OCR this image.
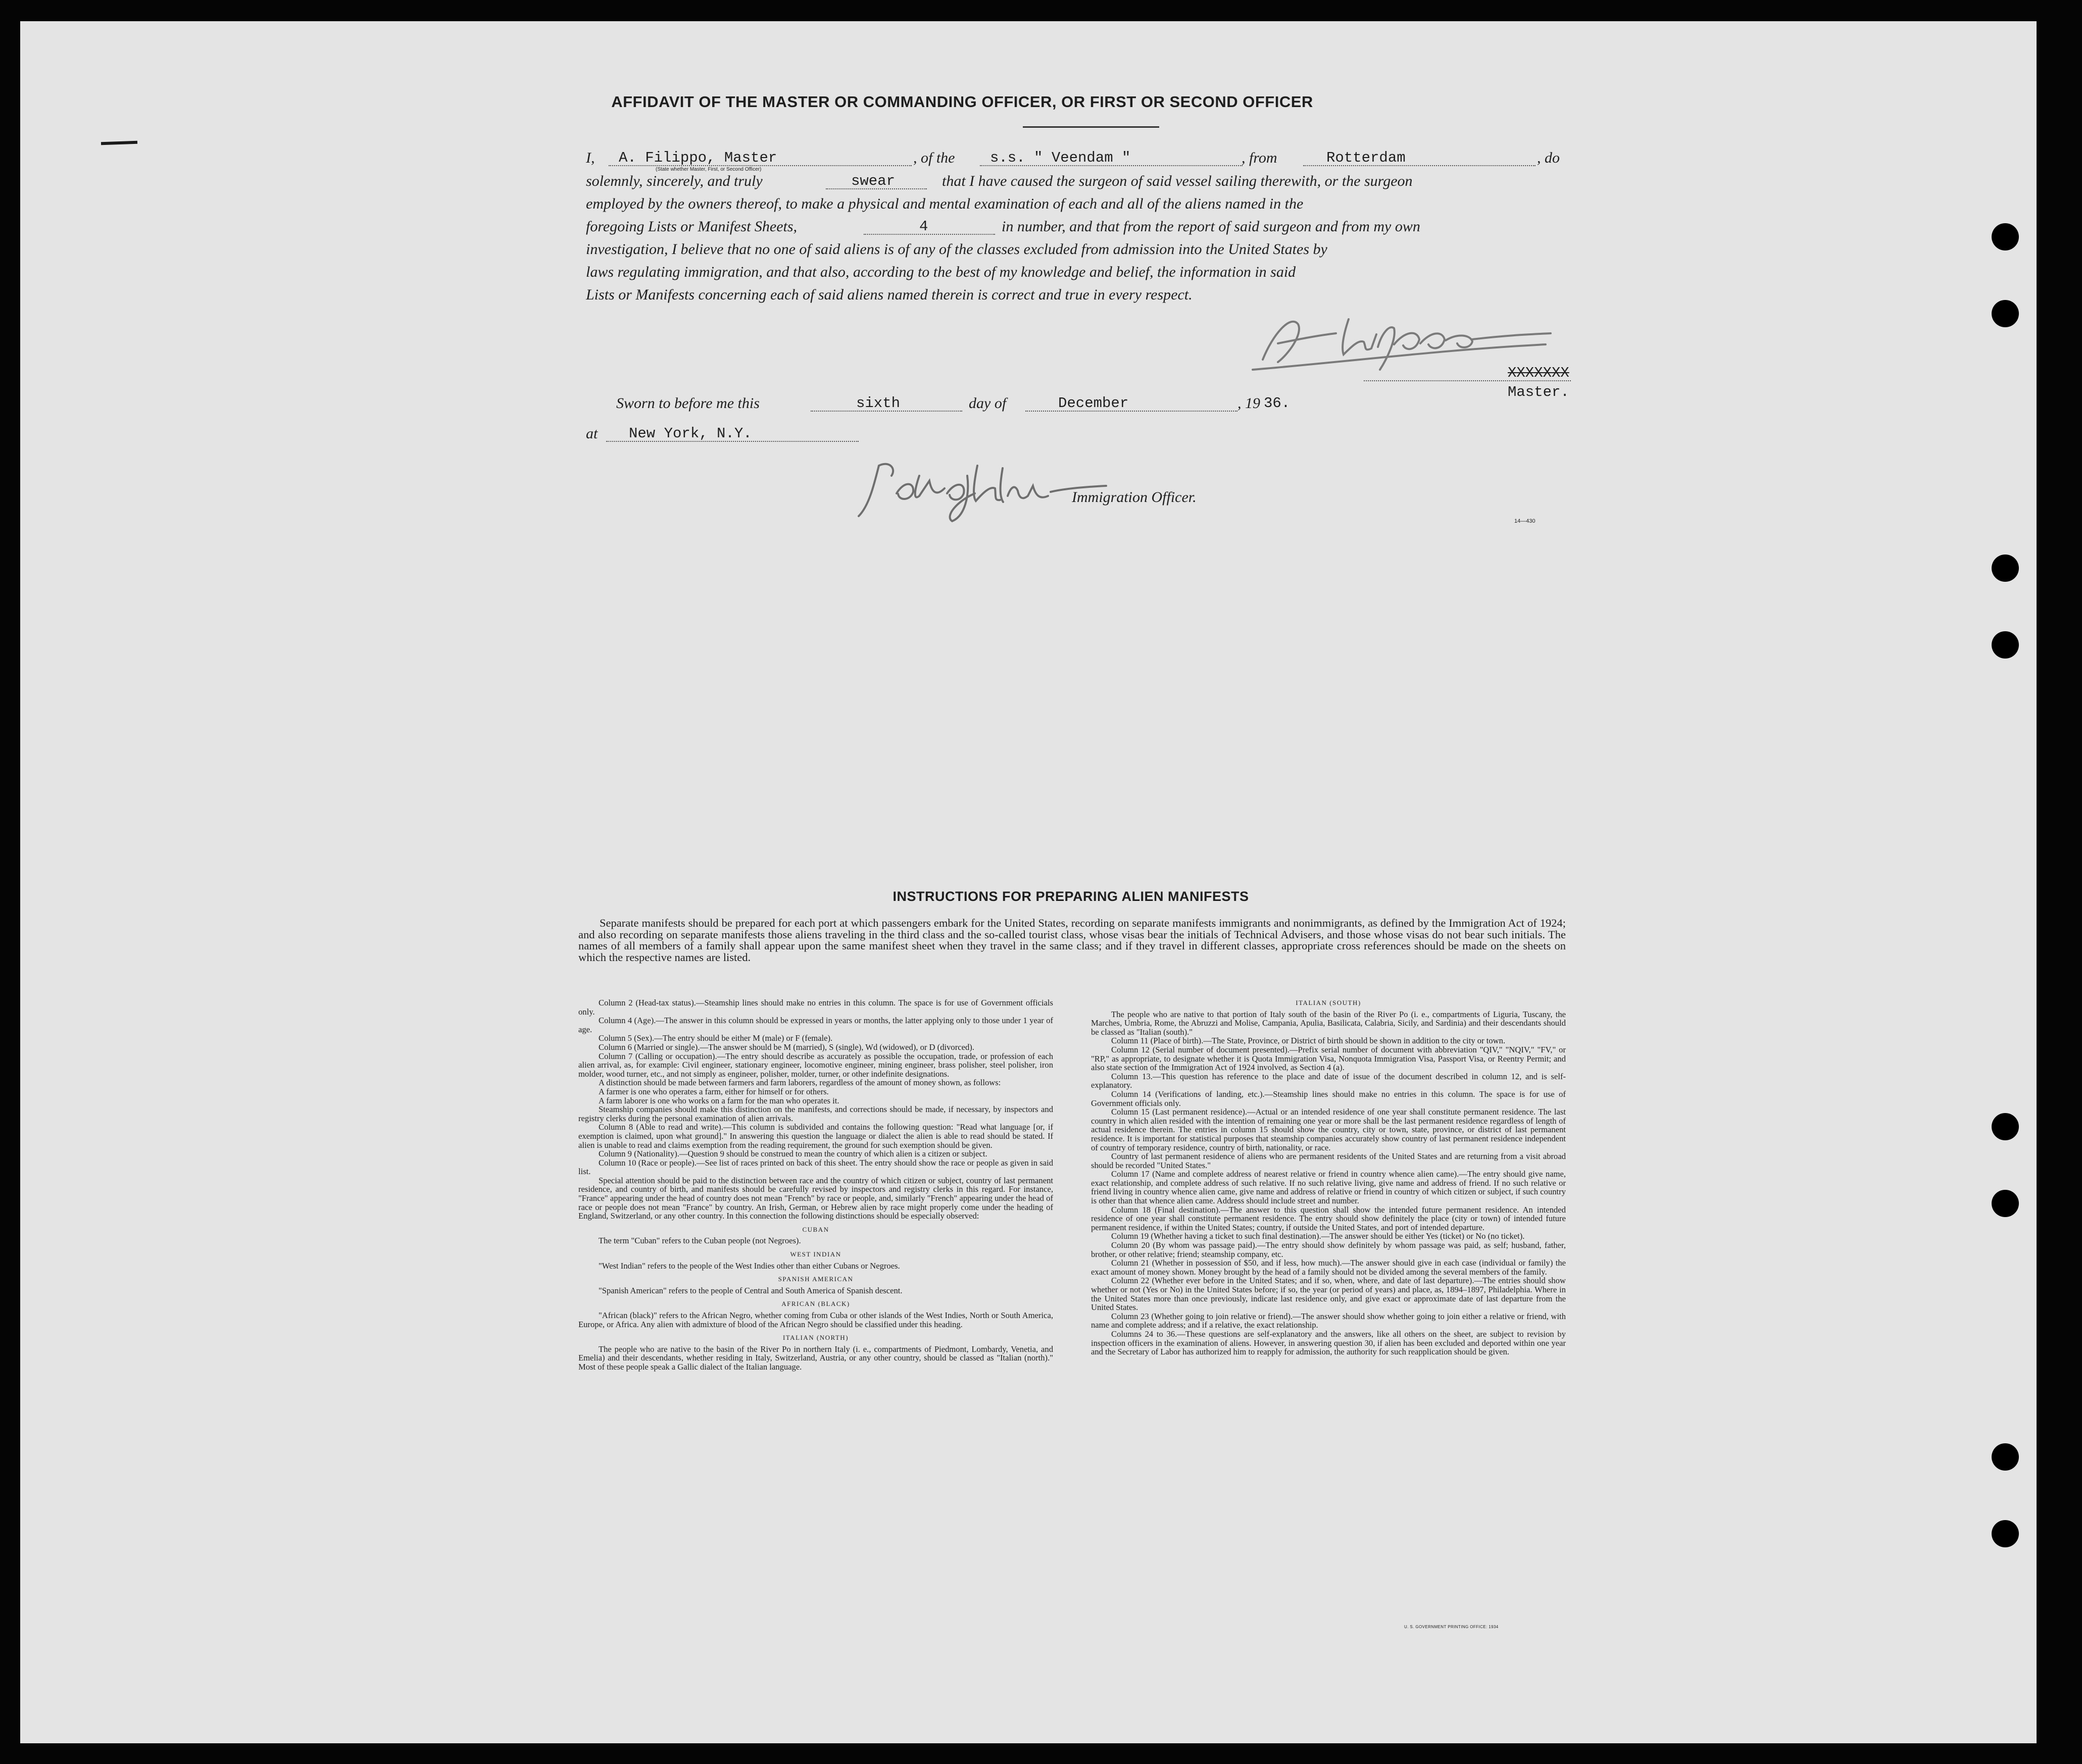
AFFIDAVIT OF THE MASTER OR COMMANDING OFFICER, OR FIRST OR SECOND OFFICER
I, A. Filippo, Master
(State whether Master, First, or Second Officer)
, of the s.s. " Veendam "	, from	Rotterdam	, do
solemnly, sincerely, and truly	swear	that I have caused the surgeon of said vessel sailing therewith, or the surgeon
employed by the owners thereof, to make a physical and mental examination of each and all of the aliens named in the
foregoing Lists or Manifest Sheets,	4	in number, and that from the report of said surgeon and from my own
investigation, I believe that no one of said aliens is of any of the classes excluded from admission into the United States by
laws regulating immigration, and that also, according to the best of my knowledge and belief, the information in said
Lists or Manifests concerning each of said aliens named therein is correct and true in every respect.
XXXXXXX
Master.
Sworn to before me this	sixth	day of	December	, 19 36.
at New York, N.Y.
Immigration Officer.
14—430
INSTRUCTIONS FOR PREPARING ALIEN MANIFESTS
Separate manifests should be prepared for each port at which passengers embark for the United States, recording on separate manifests immigrants and nonimmigrants, as defined by the Immigration Act of 1924; and also recording on separate manifests those aliens traveling in the third class and the so-called tourist class, whose visas bear the initials of Technical Advisers, and those whose visas do not bear such initials. The names of all members of a family shall appear upon the same manifest sheet when they travel in the same class; and if they travel in different classes, appropriate cross references should be made on the sheets on which the respective names are listed.

Column 2 (Head-tax status).—Steamship lines should make no entries in this column. The space is for use of Government officials only.

Column 4 (Age).—The answer in this column should be expressed in years or months, the latter applying only to those under 1 year of age.

Column 5 (Sex).—The entry should be either M (male) or F (female).

Column 6 (Married or single).—The answer should be M (married), S (single), Wd (widowed), or D (divorced).

Column 7 (Calling or occupation).—The entry should describe as accurately as possible the occupation, trade, or profession of each alien arrival, as, for example: Civil engineer, stationary engineer, locomotive engineer, mining engineer, brass polisher, steel polisher, iron molder, wood turner, etc., and not simply as engineer, polisher, molder, turner, or other indefinite designations.

A distinction should be made between farmers and farm laborers, regardless of the amount of money shown, as follows:

A farmer is one who operates a farm, either for himself or for others.

A farm laborer is one who works on a farm for the man who operates it.

Steamship companies should make this distinction on the manifests, and corrections should be made, if necessary, by inspectors and registry clerks during the personal examination of alien arrivals.

Column 8 (Able to read and write).—This column is subdivided and contains the following question: "Read what language [or, if exemption is claimed, upon what ground]." In answering this question the language or dialect the alien is able to read should be stated. If alien is unable to read and claims exemption from the reading requirement, the ground for such exemption should be given.

Column 9 (Nationality).—Question 9 should be construed to mean the country of which alien is a citizen or subject.

Column 10 (Race or people).—See list of races printed on back of this sheet. The entry should show the race or people as given in said list.

Special attention should be paid to the distinction between race and the country of which citizen or subject, country of last permanent residence, and country of birth, and manifests should be carefully revised by inspectors and registry clerks in this regard. For instance, "France" appearing under the head of country does not mean "French" by race or people, and, similarly "French" appearing under the head of race or people does not mean "France" by country. An Irish, German, or Hebrew alien by race might properly come under the heading of England, Switzerland, or any other country. In this connection the following distinctions should be especially observed:

CUBAN

The term "Cuban" refers to the Cuban people (not Negroes).

WEST INDIAN

"West Indian" refers to the people of the West Indies other than either Cubans or Negroes.

SPANISH AMERICAN

"Spanish American" refers to the people of Central and South America of Spanish descent.

AFRICAN (BLACK)

"African (black)" refers to the African Negro, whether coming from Cuba or other islands of the West Indies, North or South America, Europe, or Africa. Any alien with admixture of blood of the African Negro should be classified under this heading.

ITALIAN (NORTH)

The people who are native to the basin of the River Po in northern Italy (i. e., compartments of Piedmont, Lombardy, Venetia, and Emelia) and their descendants, whether residing in Italy, Switzerland, Austria, or any other country, should be classed as "Italian (north)." Most of these people speak a Gallic dialect of the Italian language.

ITALIAN (SOUTH)

The people who are native to that portion of Italy south of the basin of the River Po (i. e., compartments of Liguria, Tuscany, the Marches, Umbria, Rome, the Abruzzi and Molise, Campania, Apulia, Basilicata, Calabria, Sicily, and Sardinia) and their descendants should be classed as "Italian (south)."

Column 11 (Place of birth).—The State, Province, or District of birth should be shown in addition to the city or town.

Column 12 (Serial number of document presented).—Prefix serial number of document with abbreviation "QIV," "NQIV," "FV," or "RP," as appropriate, to designate whether it is Quota Immigration Visa, Nonquota Immigration Visa, Passport Visa, or Reentry Permit; and also state section of the Immigration Act of 1924 involved, as Section 4 (a).

Column 13.—This question has reference to the place and date of issue of the document described in column 12, and is self-explanatory.

Column 14 (Verifications of landing, etc.).—Steamship lines should make no entries in this column. The space is for use of Government officials only.

Column 15 (Last permanent residence).—Actual or an intended residence of one year shall constitute permanent residence. The last country in which alien resided with the intention of remaining one year or more shall be the last permanent residence regardless of length of actual residence therein. The entries in column 15 should show the country, city or town, state, province, or district of last permanent residence. It is important for statistical purposes that steamship companies accurately show country of last permanent residence independent of country of temporary residence, country of birth, nationality, or race.

Country of last permanent residence of aliens who are permanent residents of the United States and are returning from a visit abroad should be recorded "United States."

Column 17 (Name and complete address of nearest relative or friend in country whence alien came).—The entry should give name, exact relationship, and complete address of such relative. If no such relative living, give name and address of friend. If no such relative or friend living in country whence alien came, give name and address of relative or friend in country of which citizen or subject, if such country is other than that whence alien came. Address should include street and number.

Column 18 (Final destination).—The answer to this question shall show the intended future permanent residence. An intended residence of one year shall constitute permanent residence. The entry should show definitely the place (city or town) of intended future permanent residence, if within the United States; country, if outside the United States, and port of intended departure.

Column 19 (Whether having a ticket to such final destination).—The answer should be either Yes (ticket) or No (no ticket).

Column 20 (By whom was passage paid).—The entry should show definitely by whom passage was paid, as self; husband, father, brother, or other relative; friend; steamship company, etc.

Column 21 (Whether in possession of $50, and if less, how much).—The answer should give in each case (individual or family) the exact amount of money shown. Money brought by the head of a family should not be divided among the several members of the family.

Column 22 (Whether ever before in the United States; and if so, when, where, and date of last departure).—The entries should show whether or not (Yes or No) in the United States before; if so, the year (or period of years) and place, as, 1894–1897, Philadelphia. Where in the United States more than once previously, indicate last residence only, and give exact or approximate date of last departure from the United States.

Column 23 (Whether going to join relative or friend).—The answer should show whether going to join either a relative or friend, with name and complete address; and if a relative, the exact relationship.

Columns 24 to 36.—These questions are self-explanatory and the answers, like all others on the sheet, are subject to revision by inspection officers in the examination of aliens. However, in answering question 30, if alien has been excluded and deported within one year and the Secretary of Labor has authorized him to reapply for admission, the authority for such reapplication should be given.

U. S. GOVERNMENT PRINTING OFFICE: 1934
